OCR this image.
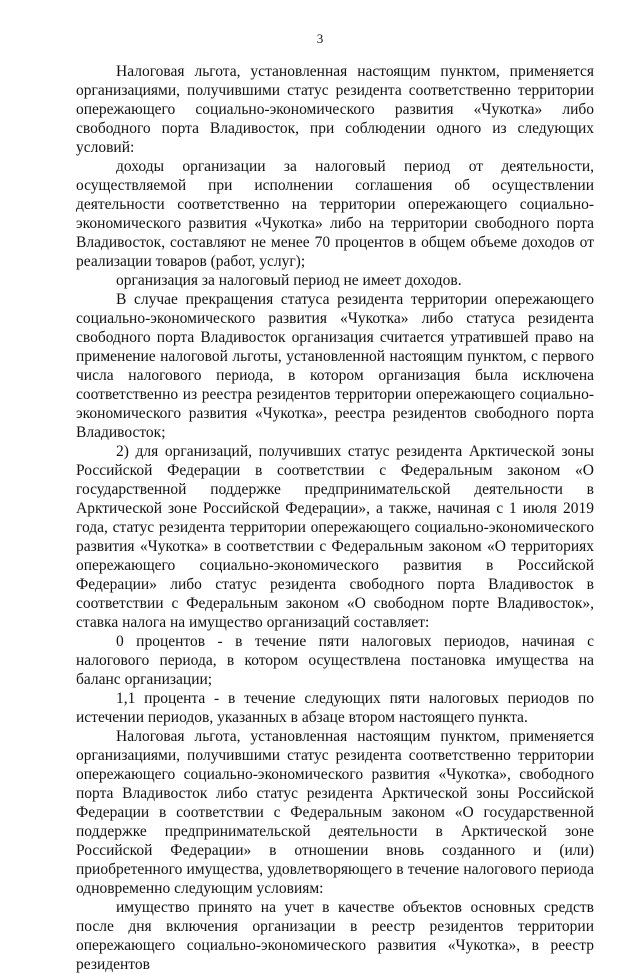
3

Налоговая льгота, установленная настоящим пунктом, применяется организациями, получившими статус резидента соответственно территории опережающего социально-экономического развития «Чукотка» либо свободного порта Владивосток, при соблюдении одного из следующих условий:

доходы организации за налоговый период от деятельности, осуществляемой при исполнении соглашения об осуществлении деятельности соответственно на территории опережающего социально-экономического развития «Чукотка» либо на территории свободного порта Владивосток, составляют не менее 70 процентов в общем объеме доходов от реализации товаров (работ, услуг);

организация за налоговый период не имеет доходов.

В случае прекращения статуса резидента территории опережающего социально-экономического развития «Чукотка» либо статуса резидента свободного порта Владивосток организация считается утратившей право на применение налоговой льготы, установленной настоящим пунктом, с первого числа налогового периода, в котором организация была исключена соответственно из реестра резидентов территории опережающего социально-экономического развития «Чукотка», реестра резидентов свободного порта Владивосток;

2) для организаций, получивших статус резидента Арктической зоны Российской Федерации в соответствии с Федеральным законом «О государственной поддержке предпринимательской деятельности в Арктической зоне Российской Федерации», а также, начиная с 1 июля 2019 года, статус резидента территории опережающего социально-экономического развития «Чукотка» в соответствии с Федеральным законом «О территориях опережающего социально-экономического развития в Российской Федерации» либо статус резидента свободного порта Владивосток в соответствии с Федеральным законом «О свободном порте Владивосток», ставка налога на имущество организаций составляет:

0 процентов - в течение пяти налоговых периодов, начиная с налогового периода, в котором осуществлена постановка имущества на баланс организации;

1,1 процента - в течение следующих пяти налоговых периодов по истечении периодов, указанных в абзаце втором настоящего пункта.

Налоговая льгота, установленная настоящим пунктом, применяется организациями, получившими статус резидента соответственно территории опережающего социально-экономического развития «Чукотка», свободного порта Владивосток либо статус резидента Арктической зоны Российской Федерации в соответствии с Федеральным законом «О государственной поддержке предпринимательской деятельности в Арктической зоне Российской Федерации» в отношении вновь созданного и (или) приобретенного имущества, удовлетворяющего в течение налогового периода одновременно следующим условиям:

имущество принято на учет в качестве объектов основных средств после дня включения организации в реестр резидентов территории опережающего социально-экономического развития «Чукотка», в реестр резидентов
